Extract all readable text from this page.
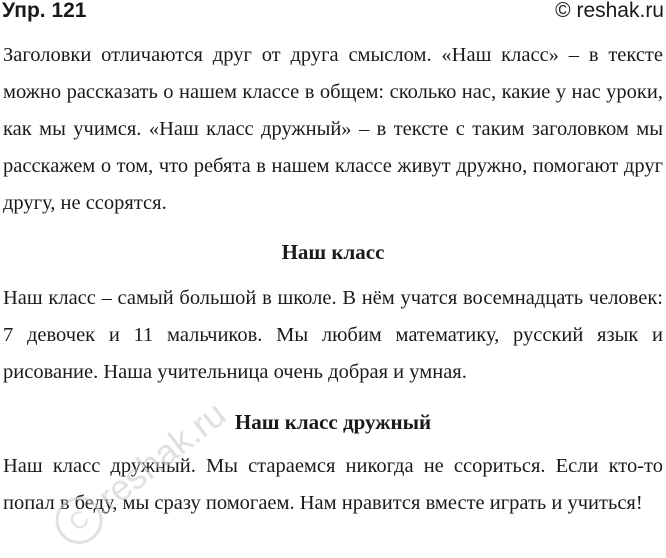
Упр. 121	© reshak.ru
Заголовки отличаются друг от друга смыслом. «Наш класс» – в тексте можно рассказать о нашем классе в общем: сколько нас, какие у нас уроки, как мы учимся. «Наш класс дружный» – в тексте с таким заголовком мы расскажем о том, что ребята в нашем классе живут дружно, помогают друг другу, не ссорятся.
Наш класс
Наш класс – самый большой в школе. В нём учатся восемнадцать человек: 7 девочек и 11 мальчиков. Мы любим математику, русский язык и рисование. Наша учительница очень добрая и умная.
Наш класс дружный
Наш класс дружный. Мы стараемся никогда не ссориться. Если кто-то попал в беду, мы сразу помогаем. Нам нравится вместе играть и учиться!
C
reshak.ru
